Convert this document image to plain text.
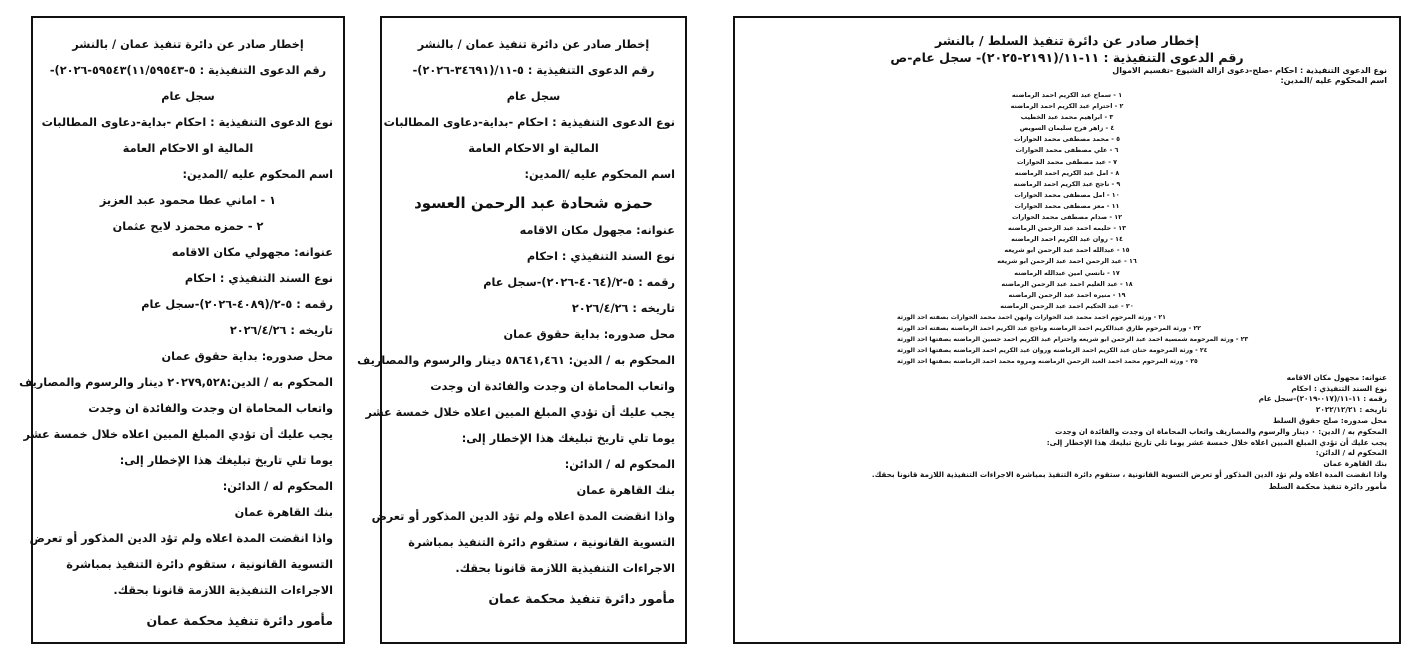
إخطار صادر عن دائرة تنفيذ عمان / بالنشر
رقم الدعوى التنفيذية : ٥-١١/٥٩٥٤٣)٥٩٥٤٣-٢٠٢٦)-
سجل عام
نوع الدعوى التنفيذية : احكام -بداية-دعاوى المطالبات
المالية او الاحكام العامة
اسم المحكوم عليه /المدين:
١ - اماني عطا محمود عبد العزيز
٢ - حمزه محمزد لايح عثمان
عنوانه: مجهولي مكان الاقامه
نوع السند التنفيذي : احكام
رقمه : ٥-٢/(٤٠٨٩-٢٠٢٦)-سجل عام
تاريخه : ٢٠٢٦/٤/٢٦
محل صدوره: بداية حقوق عمان
المحكوم به / الدين:٢٠٢٧٩,٥٢٨ دينار والرسوم والمصاريف
واتعاب المحاماة ان وجدت والفائدة ان وجدت
يجب عليك أن تؤدي المبلغ المبين اعلاه خلال خمسة عشر
يوما تلي تاريخ تبليغك هذا الإخطار إلى:
المحكوم له / الدائن:
بنك القاهرة عمان
واذا انقضت المدة اعلاه ولم تؤد الدين المذكور أو تعرض
التسوية القانونية ، ستقوم دائرة التنفيذ بمباشرة
الاجراءات التنفيذية اللازمة قانونا بحقك.
مأمور دائرة تنفيذ محكمة عمان
إخطار صادر عن دائرة تنفيذ عمان / بالنشر
رقم الدعوى التنفيذية : ٥-١١/(٣٤٦٩١-٢٠٢٦)-
سجل عام
نوع الدعوى التنفيذية : احكام -بداية-دعاوى المطالبات
المالية او الاحكام العامة
اسم المحكوم عليه /المدين:
حمزه شحادة عبد الرحمن العسود
عنوانه: مجهول مكان الاقامه
نوع السند التنفيذي : احكام
رقمه : ٥-٢/(٤٠٦٤-٢٠٢٦)-سجل عام
تاريخه : ٢٠٢٦/٤/٢٦
محل صدوره: بداية حقوق عمان
المحكوم به / الدين: ٥٨٦٤١,٤٦١ دينار والرسوم والمصاريف
واتعاب المحاماة ان وجدت والفائدة ان وجدت
يجب عليك أن تؤدي المبلغ المبين اعلاه خلال خمسة عشر
يوما تلي تاريخ تبليغك هذا الإخطار إلى:
المحكوم له / الدائن:
بنك القاهرة عمان
واذا انقضت المدة اعلاه ولم تؤد الدين المذكور أو تعرض
التسوية القانونية ، ستقوم دائرة التنفيذ بمباشرة
الاجراءات التنفيذية اللازمة قانونا بحقك.
مأمور دائرة تنفيذ محكمة عمان
إخطار صادر عن دائرة تنفيذ السلط / بالنشر
رقم الدعوى التنفيذية : ١١-١١/(٢١٩١-٢٠٢٥)- سجل عام-ص
نوع الدعوى التنفيذية : احكام -صلح-دعوى ازالة الشيوع -تقسيم الاموال
اسم المحكوم عليه /المدين:
١ - سماح عبد الكريم احمد الرماضنه
٢ - احترام عبد الكريم احمد الرماضنه
٣ - ابراهيم محمد عبد الخطيب
٤ - زاهر فرح سليمان السويص
٥ - محمد مصطفى محمد الحوارات
٦ - علي مصطفى محمد الحوارات
٧ - عبد مصطفى محمد الحوارات
٨ - امل عبد الكريم احمد الرماضنه
٩ - ناجح عبد الكريم احمد الرماضنه
١٠ - امل مصطفى محمد الحوارات
١١ - معز مصطفى محمد الحوارات
١٢ - صدام مصطفى محمد الحوارات
١٣ - حليمه احمد عبد الرحمن الرماضنه
١٤ - روان عبد الكريم احمد الرماضنه
١٥ - عبدالله احمد عبد الرحمن ابو شريعه
١٦ - عبد الرحمن احمد عبد الرحمن ابو شريعه
١٧ - نانسي امين عبدالله الرماضنه
١٨ - عبد العليم احمد عبد الرحمن الرماضنه
١٩ - منيره احمد عبد الرحمن الرماضنه
٢٠ - عبد الحكيم احمد عبد الرحمن الرماضنه
٢١ - ورثة المرحوم احمد محمد عبد الحوارات وابهن احمد محمد الحوارات بصفته احد الورثة
٢٢ - ورثة المرحوم طارق عبدالكريم احمد الرماضنه وناجح عبد الكريم احمد الرماضنه بصفته احد الورثة
٢٣ - ورثة المرحومة شمسية احمد عبد الرحمن ابو شريعه واحترام عبد الكريم احمد حسين الرماضنه بصفتها احد الورثة
٢٤ - ورثة المرحومة حنان عبد الكريم احمد الرماضنه وروان عبد الكريم احمد الرماضنه بصفتها احد الورثة
٢٥ - ورثة المرحوم محمد احمد العبد الرحمن الرماضنه ومروه محمد احمد الرماضنه بصفتها احد الورثة
عنوانه: مجهول مكان الاقامه
نوع السند التنفيذي : احكام
رقمه : ١١-١١/(٠١٧-٢٠١٩)-سجل عام
تاريخه : ٢٠٢٢/١٢/٢١
محل صدوره: صلح حقوق السلط
المحكوم به / الدين: ٠ دينار والرسوم والمصاريف واتعاب المحاماة ان وجدت والفائدة ان وجدت
يجب عليك أن تؤدي المبلغ المبين اعلاه خلال خمسة عشر يوما تلي تاريخ تبليغك هذا الإخطار إلى:
المحكوم له / الدائن:
بنك القاهرة عمان
واذا انقضت المدة اعلاه ولم تؤد الدين المذكور أو تعرض التسوية القانونية ، ستقوم دائرة التنفيذ بمباشرة الاجراءات التنفيذية اللازمة قانونا بحقك.
مأمور دائرة تنفيذ محكمة السلط
